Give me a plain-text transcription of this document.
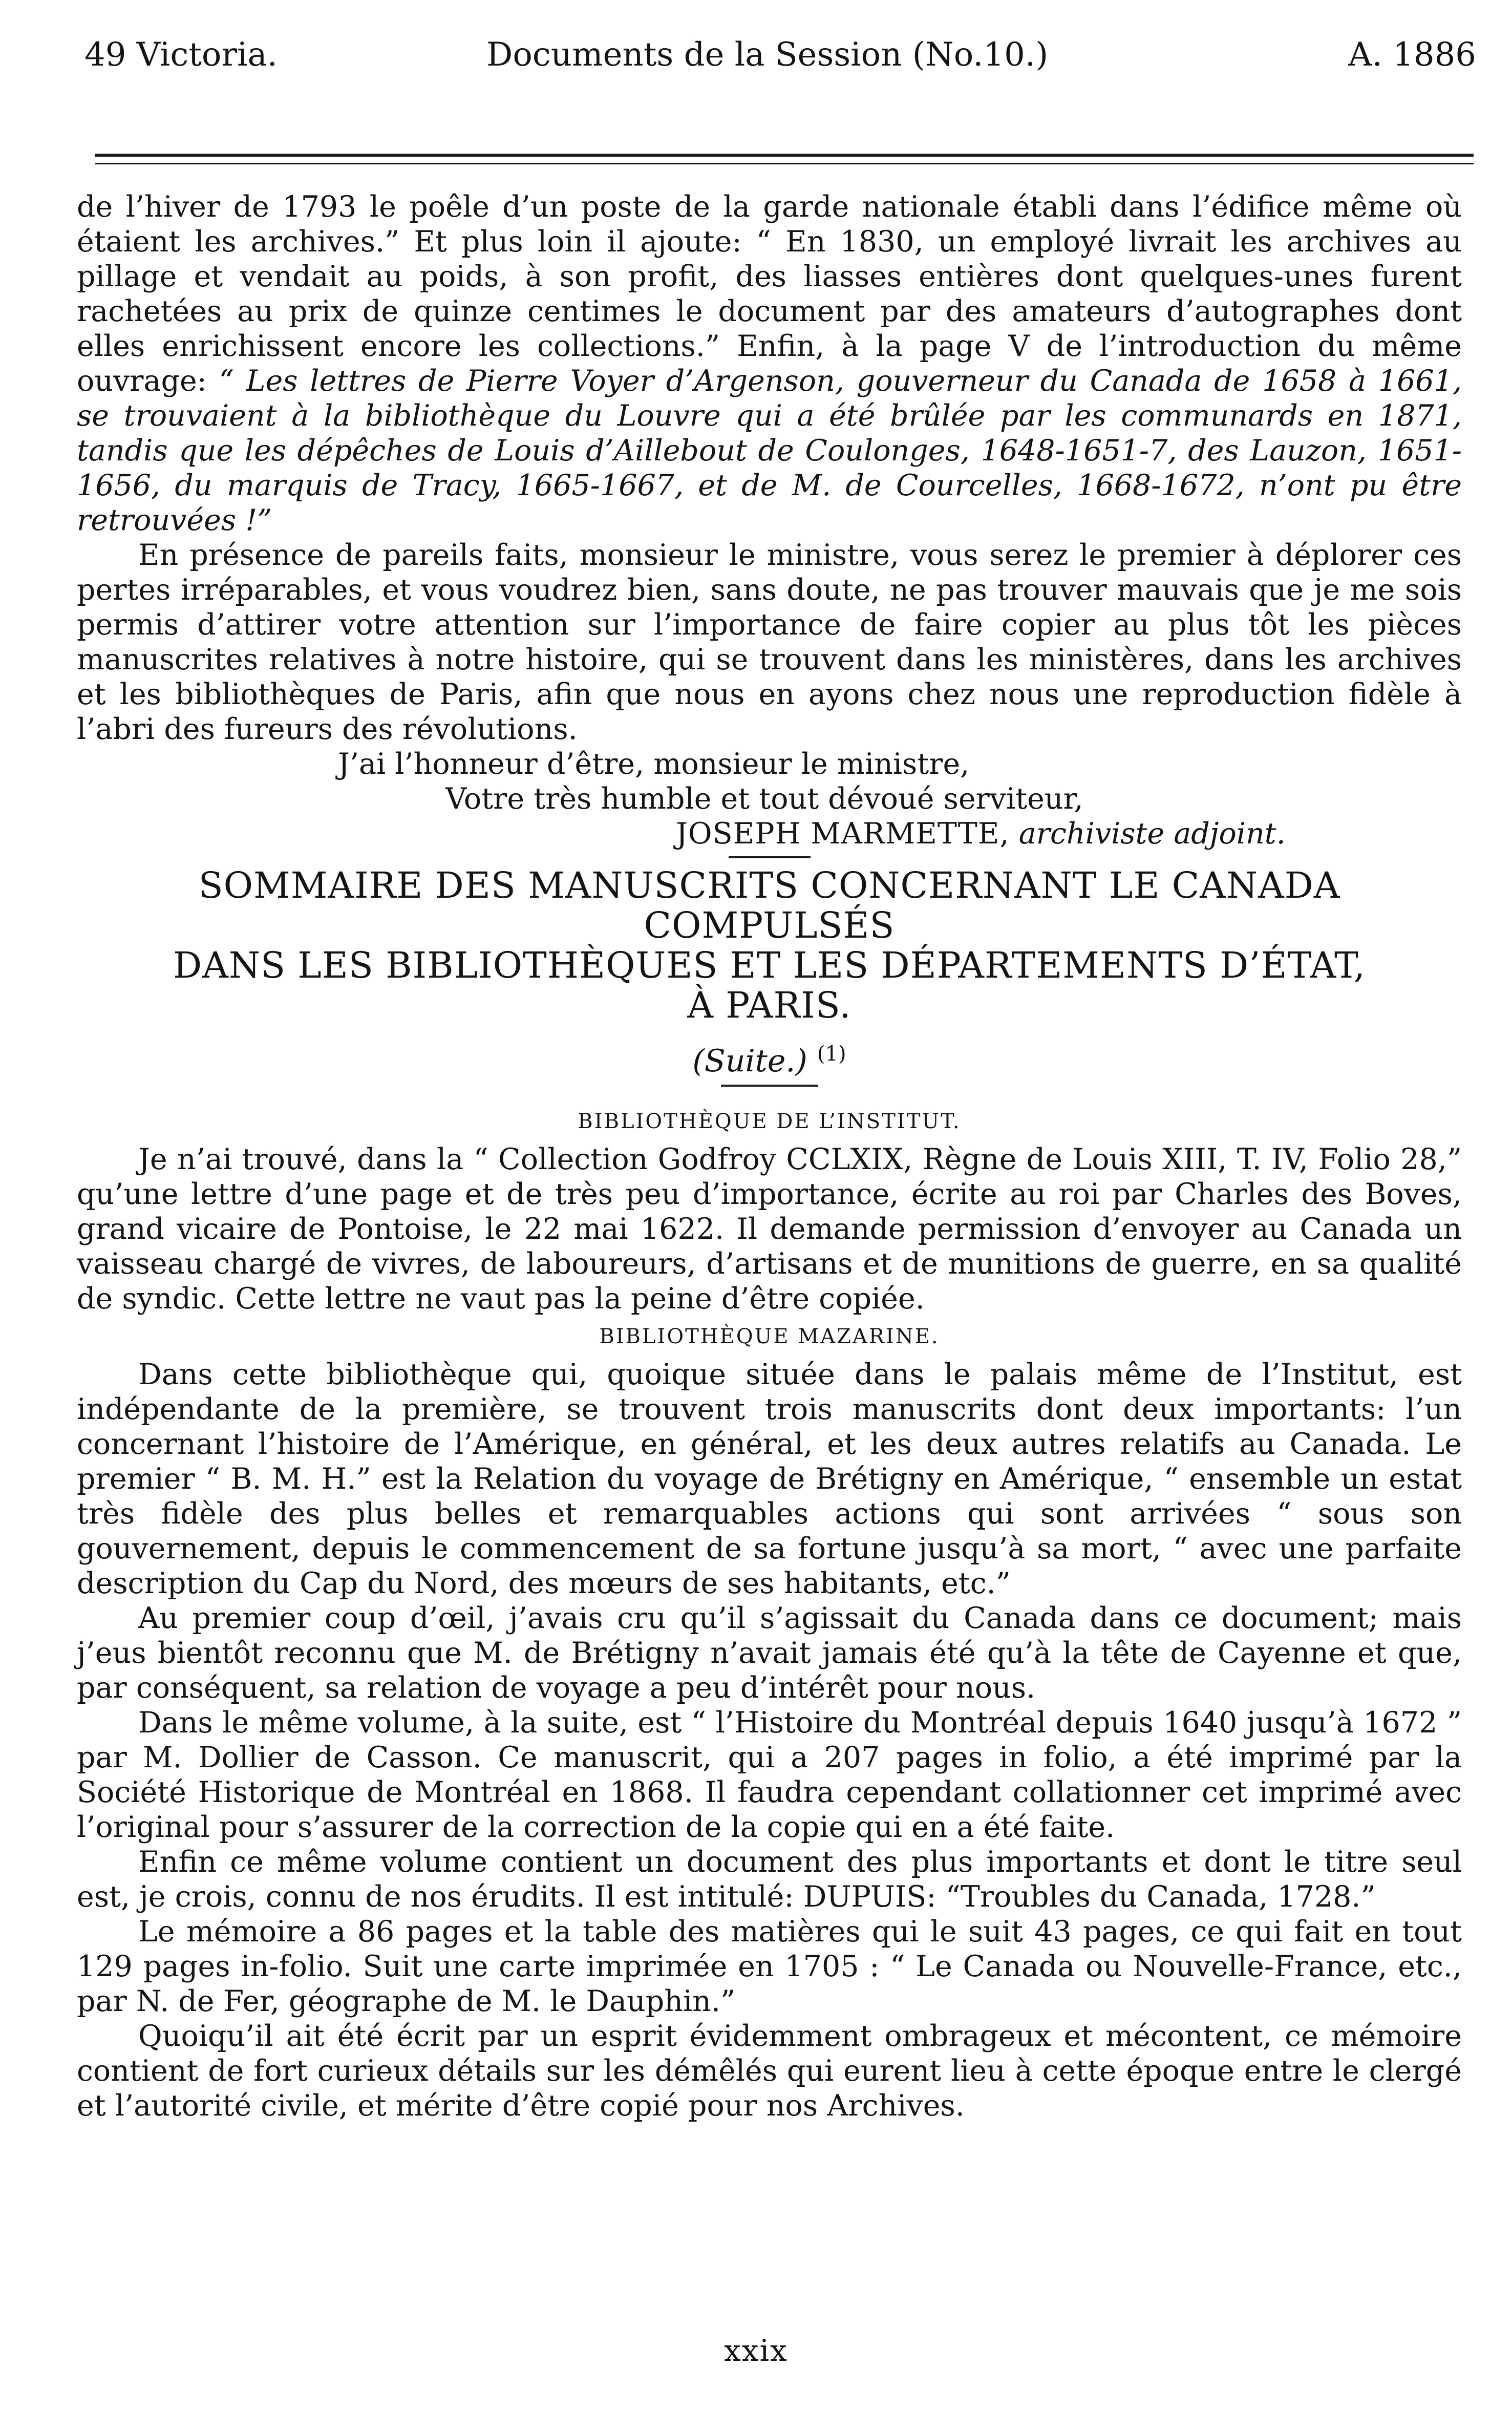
49 Victoria.	Documents de la Session (No.10.)	A. 1886

de l’hiver de 1793 le poêle d’un poste de la garde nationale établi dans l’édifice même où étaient les archives.” Et plus loin il ajoute: “ En 1830, un employé livrait les archives au pillage et vendait au poids, à son profit, des liasses entières dont quelques-unes furent rachetées au prix de quinze centimes le document par des amateurs d’autographes dont elles enrichissent encore les collections.” Enfin, à la page V de l’introduction du même ouvrage: “ Les lettres de Pierre Voyer d’Argenson, gouverneur du Canada de 1658 à 1661, se trouvaient à la bibliothèque du Louvre qui a été brûlée par les communards en 1871, tandis que les dépêches de Louis d’Aillebout de Coulonges, 1648-1651-7, des Lauzon, 1651-1656, du marquis de Tracy, 1665-1667, et de M. de Courcelles, 1668-1672, n’ont pu être retrouvées !”

En présence de pareils faits, monsieur le ministre, vous serez le premier à déplorer ces pertes irréparables, et vous voudrez bien, sans doute, ne pas trouver mauvais que je me sois permis d’attirer votre attention sur l’importance de faire copier au plus tôt les pièces manuscrites relatives à notre histoire, qui se trouvent dans les ministères, dans les archives et les bibliothèques de Paris, afin que nous en ayons chez nous une reproduction fidèle à l’abri des fureurs des révolutions.

J’ai l’honneur d’être, monsieur le ministre,

Votre très humble et tout dévoué serviteur,

JOSEPH MARMETTE, archiviste adjoint.

SOMMAIRE DES MANUSCRITS CONCERNANT LE CANADA COMPULSÉS
DANS LES BIBLIOTHÈQUES ET LES DÉPARTEMENTS D’ÉTAT,
À PARIS.
(Suite.) $^{(1)}$

BIBLIOTHÈQUE DE L’INSTITUT.

Je n’ai trouvé, dans la “ Collection Godfroy CCLXIX, Règne de Louis XIII, T. IV, Folio 28,” qu’une lettre d’une page et de très peu d’importance, écrite au roi par Charles des Boves, grand vicaire de Pontoise, le 22 mai 1622. Il demande permission d’envoyer au Canada un vaisseau chargé de vivres, de laboureurs, d’artisans et de munitions de guerre, en sa qualité de syndic. Cette lettre ne vaut pas la peine d’être copiée.

BIBLIOTHÈQUE MAZARINE.

Dans cette bibliothèque qui, quoique située dans le palais même de l’Institut, est indépendante de la première, se trouvent trois manuscrits dont deux importants: l’un concernant l’histoire de l’Amérique, en général, et les deux autres relatifs au Canada. Le premier “ B. M. H.” est la Relation du voyage de Brétigny en Amérique, “ ensemble un estat très fidèle des plus belles et remarquables actions qui sont arrivées “ sous son gouvernement, depuis le commencement de sa fortune jusqu’à sa mort, “ avec une parfaite description du Cap du Nord, des mœurs de ses habitants, etc.”

Au premier coup d’œil, j’avais cru qu’il s’agissait du Canada dans ce document; mais j’eus bientôt reconnu que M. de Brétigny n’avait jamais été qu’à la tête de Cayenne et que, par conséquent, sa relation de voyage a peu d’intérêt pour nous.

Dans le même volume, à la suite, est “ l’Histoire du Montréal depuis 1640 jusqu’à 1672 ” par M. Dollier de Casson. Ce manuscrit, qui a 207 pages in folio, a été imprimé par la Société Historique de Montréal en 1868. Il faudra cependant collationner cet imprimé avec l’original pour s’assurer de la correction de la copie qui en a été faite.

Enfin ce même volume contient un document des plus importants et dont le titre seul est, je crois, connu de nos érudits. Il est intitulé: DUPUIS: “Troubles du Canada, 1728.”

Le mémoire a 86 pages et la table des matières qui le suit 43 pages, ce qui fait en tout 129 pages in-folio. Suit une carte imprimée en 1705 : “ Le Canada ou Nouvelle-France, etc., par N. de Fer, géographe de M. le Dauphin.”

Quoiqu’il ait été écrit par un esprit évidemment ombrageux et mécontent, ce mémoire contient de fort curieux détails sur les démêlés qui eurent lieu à cette époque entre le clergé et l’autorité civile, et mérite d’être copié pour nos Archives.

xxix
